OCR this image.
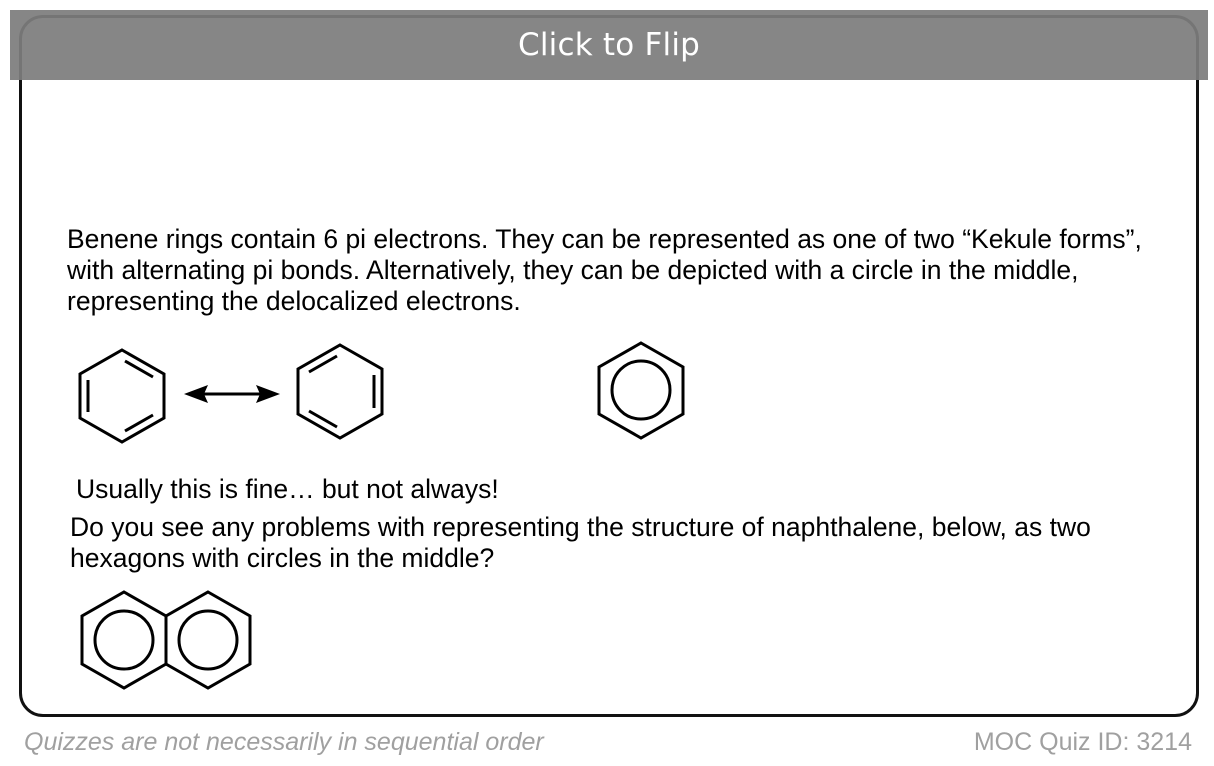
Click to Flip

Benene rings contain 6 pi electrons. They can be represented as one of two “Kekule forms”, with alternating pi bonds. Alternatively, they can be depicted with a circle in the middle, representing the delocalized electrons.

Usually this is fine… but not always!

Do you see any problems with representing the structure of naphthalene, below, as two hexagons with circles in the middle?

Quizzes are not necessarily in sequential order	MOC Quiz ID: 3214
